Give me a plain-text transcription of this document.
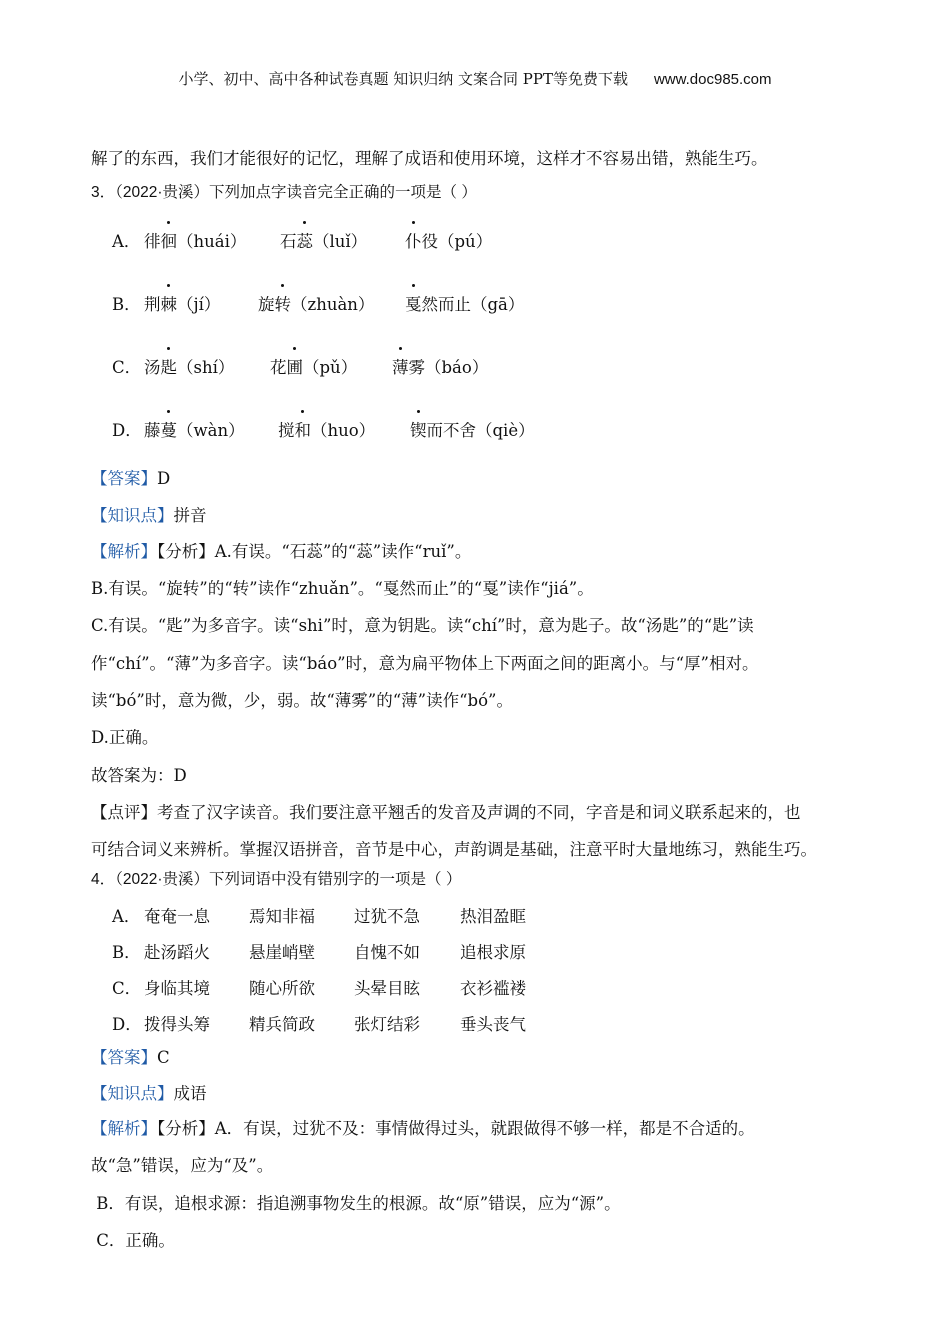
小学、初中、高中各种试卷真题 知识归纳 文案合同 PPT等免费下载 www.doc985.com
解了的东西，我们才能很好的记忆，理解了成语和使用环境，这样才不容易出错，熟能生巧。
3．（2022·贵溪）下列加点字读音完全正确的一项是（ ）
A． 徘徊（huái） 石蕊（luǐ） 仆役（pú）
B． 荆棘（jí） 旋转（zhuàn） 戛然而止（gā）
C． 汤匙（shí） 花圃（pǔ） 薄雾（báo）
D． 藤蔓（wàn） 搅和（huo） 锲而不舍（qiè）
【答案】D
【知识点】拼音
【解析】【分析】A.有误。“石蕊”的“蕊”读作“ruǐ”。
B.有误。“旋转”的“转”读作“zhuǎn”。“戛然而止”的“戛”读作“jiá”。
C.有误。“匙”为多音字。读“shi”时，意为钥匙。读“chí”时，意为匙子。故“汤匙”的“匙”读
作“chí”。“薄”为多音字。读“báo”时，意为扁平物体上下两面之间的距离小。与“厚”相对。
读“bó”时，意为微，少，弱。故“薄雾”的“薄”读作“bó”。
D.正确。
故答案为：D
【点评】考查了汉字读音。我们要注意平翘舌的发音及声调的不同，字音是和词义联系起来的，也
可结合词义来辨析。掌握汉语拼音，音节是中心，声韵调是基础，注意平时大量地练习，熟能生巧。
4．（2022·贵溪）下列词语中没有错别字的一项是（ ）
A． 奄奄一息 焉知非福 过犹不急 热泪盈眶
B． 赴汤蹈火 悬崖峭壁 自愧不如 追根求原
C． 身临其境 随心所欲 头晕目眩 衣衫褴褛
D． 拨得头筹 精兵简政 张灯结彩 垂头丧气
【答案】C
【知识点】成语
【解析】【分析】A．有误，过犹不及：事情做得过头，就跟做得不够一样，都是不合适的。
故“急”错误，应为“及”。
B．有误，追根求源：指追溯事物发生的根源。故“原”错误，应为“源”。
C．正确。
